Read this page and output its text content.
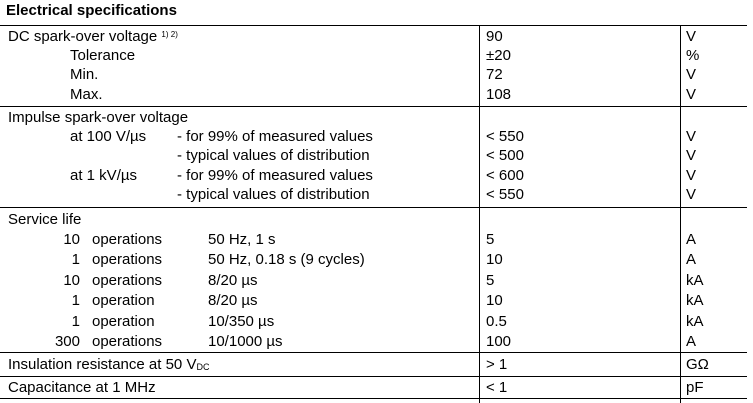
Electrical specifications
DC spark-over voltage $^{1) 2)}$	90	V
Tolerance	±20	%
Min.	72	V
Max.	108	V
Impulse spark-over voltage
at 100 V/µs - for 99% of measured values	< 550	V
- typical values of distribution	< 500	V
at 1 kV/µs	- for 99% of measured values	< 600	V
- typical values of distribution	< 550	V
Service life
10 operations	50 Hz, 1 s	5	A
1 operations	50 Hz, 0.18 s (9 cycles)	10	A
10 operations	8/20 µs	5	kA
1 operation	8/20 µs	10	kA
1 operation	10/350 µs	0.5	kA
300 operations	10/1000 µs	100	A
Insulation resistance at 50 $V_{DC}$	> 1	GΩ
Capacitance at 1 MHz	< 1	pF
